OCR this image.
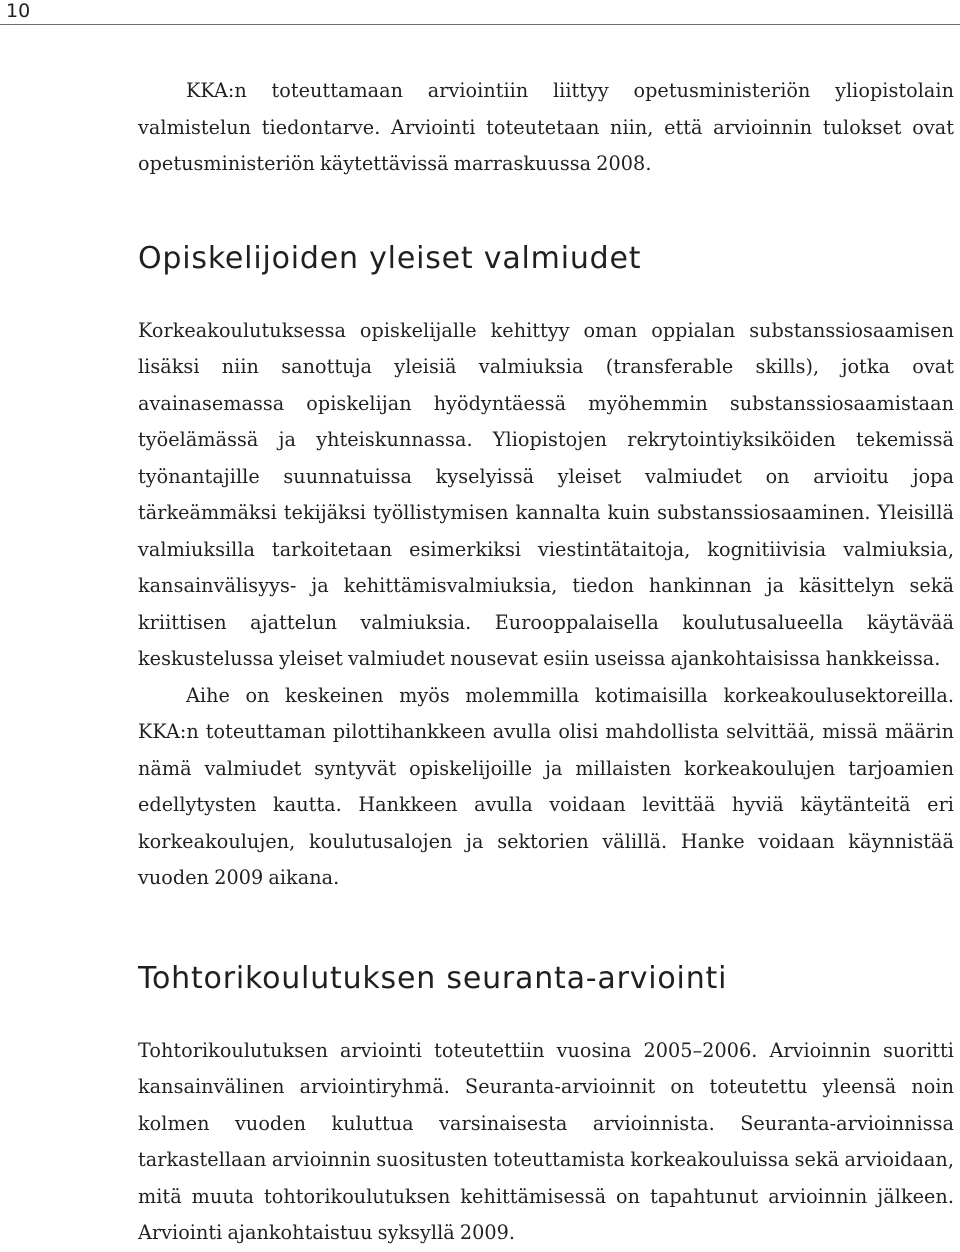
10

KKA:n toteuttamaan arviointiin liittyy opetusministeriön yliopistolain valmistelun tiedontarve. Arviointi toteutetaan niin, että arvioinnin tulokset ovat opetusministeriön käytettävissä marraskuussa 2008.

Opiskelijoiden yleiset valmiudet

Korkeakoulutuksessa opiskelijalle kehittyy oman oppialan substanssiosaamisen lisäksi niin sanottuja yleisiä valmiuksia (transferable skills), jotka ovat avainasemassa opiskelijan hyödyntäessä myöhemmin substanssiosaamistaan työelämässä ja yhteiskunnassa. Yliopistojen rekrytointiyksiköiden tekemissä työnantajille suunnatuissa kyselyissä yleiset valmiudet on arvioitu jopa tärkeämmäksi tekijäksi työllistymisen kannalta kuin substanssiosaaminen. Yleisillä valmiuksilla tarkoitetaan esimerkiksi viestintätaitoja, kognitiivisia valmiuksia, kansainvälisyys- ja kehittämisvalmiuksia, tiedon hankinnan ja käsittelyn sekä kriittisen ajattelun valmiuksia. Eurooppalaisella koulutusalueella käytävää keskustelussa yleiset valmiudet nousevat esiin useissa ajankohtaisissa hankkeissa.

Aihe on keskeinen myös molemmilla kotimaisilla korkeakoulusektoreilla. KKA:n toteuttaman pilottihankkeen avulla olisi mahdollista selvittää, missä määrin nämä valmiudet syntyvät opiskelijoille ja millaisten korkeakoulujen tarjoamien edellytysten kautta. Hankkeen avulla voidaan levittää hyviä käytänteitä eri korkeakoulujen, koulutusalojen ja sektorien välillä. Hanke voidaan käynnistää vuoden 2009 aikana.

Tohtorikoulutuksen seuranta-arviointi

Tohtorikoulutuksen arviointi toteutettiin vuosina 2005–2006. Arvioinnin suoritti kansainvälinen arviointiryhmä. Seuranta-arvioinnit on toteutettu yleensä noin kolmen vuoden kuluttua varsinaisesta arvioinnista. Seuranta-arvioinnissa tarkastellaan arvioinnin suositusten toteuttamista korkeakouluissa sekä arvioidaan, mitä muuta tohtorikoulutuksen kehittämisessä on tapahtunut arvioinnin jälkeen. Arviointi ajankohtaistuu syksyllä 2009.
